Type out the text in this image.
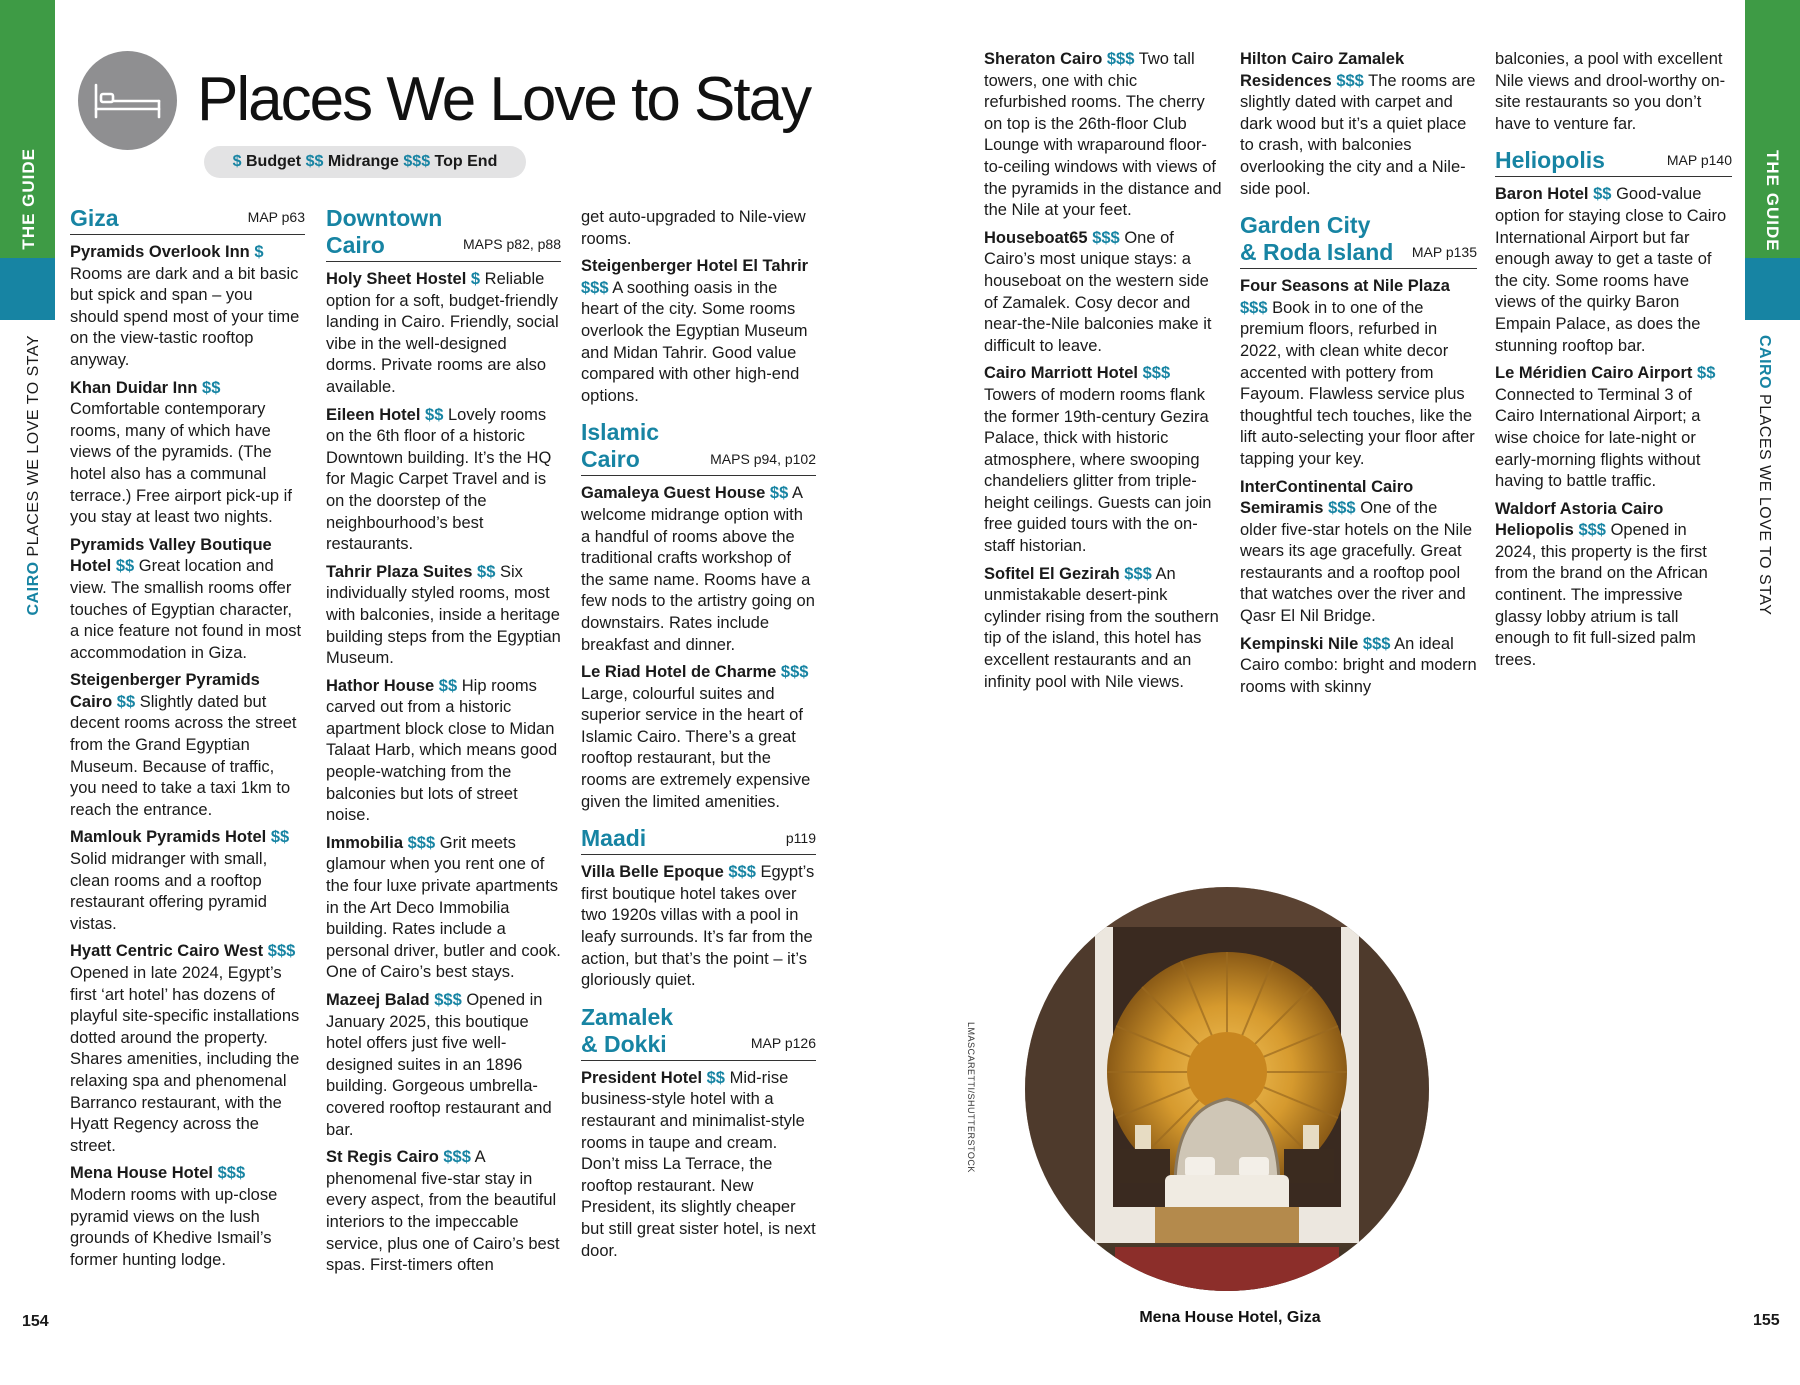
THE GUIDE
CAIRO PLACES WE LOVE TO STAY
THE GUIDE
CAIRO PLACES WE LOVE TO STAY
Places We Love to Stay
$ Budget $$ Midrange $$$ Top End
Giza	MAP p63

Pyramids Overlook Inn $ Rooms are dark and a bit basic but spick and span – you should spend most of your time on the view-tastic rooftop anyway.

Khan Duidar Inn $$ Comfortable contemporary rooms, many of which have views of the pyramids. (The hotel also has a communal terrace.) Free airport pick-up if you stay at least two nights.

Pyramids Valley Boutique Hotel $$ Great location and view. The smallish rooms offer touches of Egyptian character, a nice feature not found in most accommodation in Giza.

Steigenberger Pyramids Cairo $$ Slightly dated but decent rooms across the street from the Grand Egyptian Museum. Because of traffic, you need to take a taxi 1km to reach the entrance.

Mamlouk Pyramids Hotel $$ Solid midranger with small, clean rooms and a rooftop restaurant offering pyramid vistas.

Hyatt Centric Cairo West $$$ Opened in late 2024, Egypt’s first ‘art hotel’ has dozens of playful site-specific installations dotted around the property. Shares amenities, including the relaxing spa and phenomenal Barranco restaurant, with the Hyatt Regency across the street.

Mena House Hotel $$$ Modern rooms with up-close pyramid views on the lush grounds of Khedive Ismail’s former hunting lodge.

Downtown
Cairo	MAPS p82, p88

Holy Sheet Hostel $ Reliable option for a soft, budget-friendly landing in Cairo. Friendly, social vibe in the well-designed dorms. Private rooms are also available.

Eileen Hotel $$ Lovely rooms on the 6th floor of a historic Downtown building. It’s the HQ for Magic Carpet Travel and is on the doorstep of the neighbourhood’s best restaurants.

Tahrir Plaza Suites $$ Six individually styled rooms, most with balconies, inside a heritage building steps from the Egyptian Museum.

Hathor House $$ Hip rooms carved out from a historic apartment block close to Midan Talaat Harb, which means good people-watching from the balconies but lots of street noise.

Immobilia $$$ Grit meets glamour when you rent one of the four luxe private apartments in the Art Deco Immobilia building. Rates include a personal driver, butler and cook. One of Cairo’s best stays.

Mazeej Balad $$$ Opened in January 2025, this boutique hotel offers just five well-designed suites in an 1896 building. Gorgeous umbrella-covered rooftop restaurant and bar.

St Regis Cairo $$$ A phenomenal five-star stay in every aspect, from the beautiful interiors to the impeccable service, plus one of Cairo’s best spas. First-timers often

get auto-upgraded to Nile-view rooms.

Steigenberger Hotel El Tahrir $$$ A soothing oasis in the heart of the city. Some rooms overlook the Egyptian Museum and Midan Tahrir. Good value compared with other high-end options.

Islamic
Cairo	MAPS p94, p102

Gamaleya Guest House $$ A welcome midrange option with a handful of rooms above the traditional crafts workshop of the same name. Rooms have a few nods to the artistry going on downstairs. Rates include breakfast and dinner.

Le Riad Hotel de Charme $$$ Large, colourful suites and superior service in the heart of Islamic Cairo. There’s a great rooftop restaurant, but the rooms are extremely expensive given the limited amenities.

Maadi	p119

Villa Belle Epoque $$$ Egypt’s first boutique hotel takes over two 1920s villas with a pool in leafy surrounds. It’s far from the action, but that’s the point – it’s gloriously quiet.

Zamalek
& Dokki	MAP p126

President Hotel $$ Mid-rise business-style hotel with a restaurant and minimalist-style rooms in taupe and cream. Don’t miss La Terrace, the rooftop restaurant. New President, its slightly cheaper but still great sister hotel, is next door.

Sheraton Cairo $$$ Two tall towers, one with chic refurbished rooms. The cherry on top is the 26th-floor Club Lounge with wraparound floor-to-ceiling windows with views of the pyramids in the distance and the Nile at your feet.

Houseboat65 $$$ One of Cairo’s most unique stays: a houseboat on the western side of Zamalek. Cosy decor and near-the-Nile balconies make it difficult to leave.

Cairo Marriott Hotel $$$ Towers of modern rooms flank the former 19th-century Gezira Palace, thick with historic atmosphere, where swooping chandeliers glitter from triple-height ceilings. Guests can join free guided tours with the on-staff historian.

Sofitel El Gezirah $$$ An unmistakable desert-pink cylinder rising from the southern tip of the island, this hotel has excellent restaurants and an infinity pool with Nile views.

Hilton Cairo Zamalek Residences $$$ The rooms are slightly dated with carpet and dark wood but it’s a quiet place to crash, with balconies overlooking the city and a Nile-side pool.

Garden City
& Roda Island MAP p135

Four Seasons at Nile Plaza $$$ Book in to one of the premium floors, refurbed in 2022, with clean white decor accented with pottery from Fayoum. Flawless service plus thoughtful tech touches, like the lift auto-selecting your floor after tapping your key.

InterContinental Cairo Semiramis $$$ One of the older five-star hotels on the Nile wears its age gracefully. Great restaurants and a rooftop pool that watches over the river and Qasr El Nil Bridge.

Kempinski Nile $$$ An ideal Cairo combo: bright and modern rooms with skinny

balconies, a pool with excellent Nile views and drool-worthy on-site restaurants so you don’t have to venture far.

Heliopolis	MAP p140

Baron Hotel $$ Good-value option for staying close to Cairo International Airport but far enough away to get a taste of the city. Some rooms have views of the quirky Baron Empain Palace, as does the stunning rooftop bar.

Le Méridien Cairo Airport $$ Connected to Terminal 3 of Cairo International Airport; a wise choice for late-night or early-morning flights without having to battle traffic.

Waldorf Astoria Cairo Heliopolis $$$ Opened in 2024, this property is the first from the brand on the African continent. The impressive glassy lobby atrium is tall enough to fit full-sized palm trees.

LMASCARETTI/SHUTTERSTOCK
Mena House Hotel, Giza
154	155
